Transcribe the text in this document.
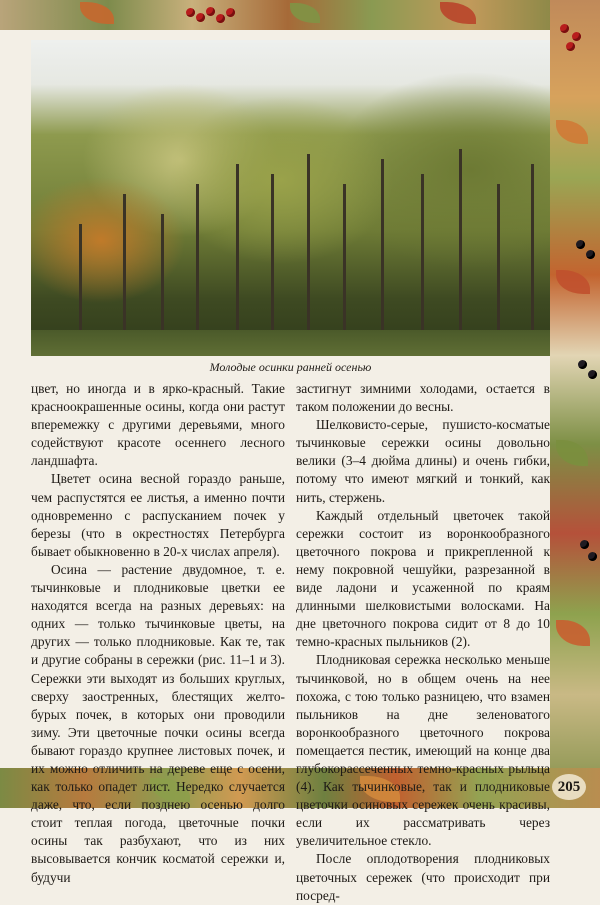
Молодые осинки ранней осенью

цвет, но иногда и в ярко-красный. Такие красноокрашенные осины, когда они растут вперемежку с другими деревьями, много содействуют красоте осеннего лесного ландшафта.

Цветет осина весной гораздо раньше, чем распустятся ее листья, а именно почти одновременно с распусканием почек у березы (что в окрестностях Петербурга бывает обыкновенно в 20-х числах апреля).

Осина — растение двудомное, т. е. тычинковые и плодниковые цветки ее находятся всегда на разных деревьях: на одних — только тычинковые цветы, на других — только плодниковые. Как те, так и другие собраны в сережки (рис. 11–1 и 3). Сережки эти выходят из больших круглых, сверху заостренных, блестящих желто-бурых почек, в которых они проводили зиму. Эти цветочные почки осины всегда бывают гораздо крупнее листовых почек, и их можно отличить на дереве еще с осени, как только опадет лист. Нередко случается даже, что, если позднею осенью долго стоит теплая погода, цветочные почки осины так разбухают, что из них высовывается кончик косматой сережки и, будучи

застигнут зимними холодами, остается в таком положении до весны.

Шелковисто-серые, пушисто-косматые тычинковые сережки осины довольно велики (3–4 дюйма длины) и очень гибки, потому что имеют мягкий и тонкий, как нить, стержень.

Каждый отдельный цветочек такой сережки состоит из воронкообразного цветочного покрова и прикрепленной к нему покровной чешуйки, разрезанной в виде ладони и усаженной по краям длинными шелковистыми волосками. На дне цветочного покрова сидит от 8 до 10 темно-красных пыльников (2).

Плодниковая сережка несколько меньше тычинковой, но в общем очень на нее похожа, с тою только разницею, что взамен пыльников на дне зеленоватого воронкообразного цветочного покрова помещается пестик, имеющий на конце два глубокорассеченных темно-красных рыльца (4). Как тычинковые, так и плодниковые цветочки осиновых сережек очень красивы, если их рассматривать через увеличительное стекло.

После оплодотворения плодниковых цветочных сережек (что происходит при посред-

205
